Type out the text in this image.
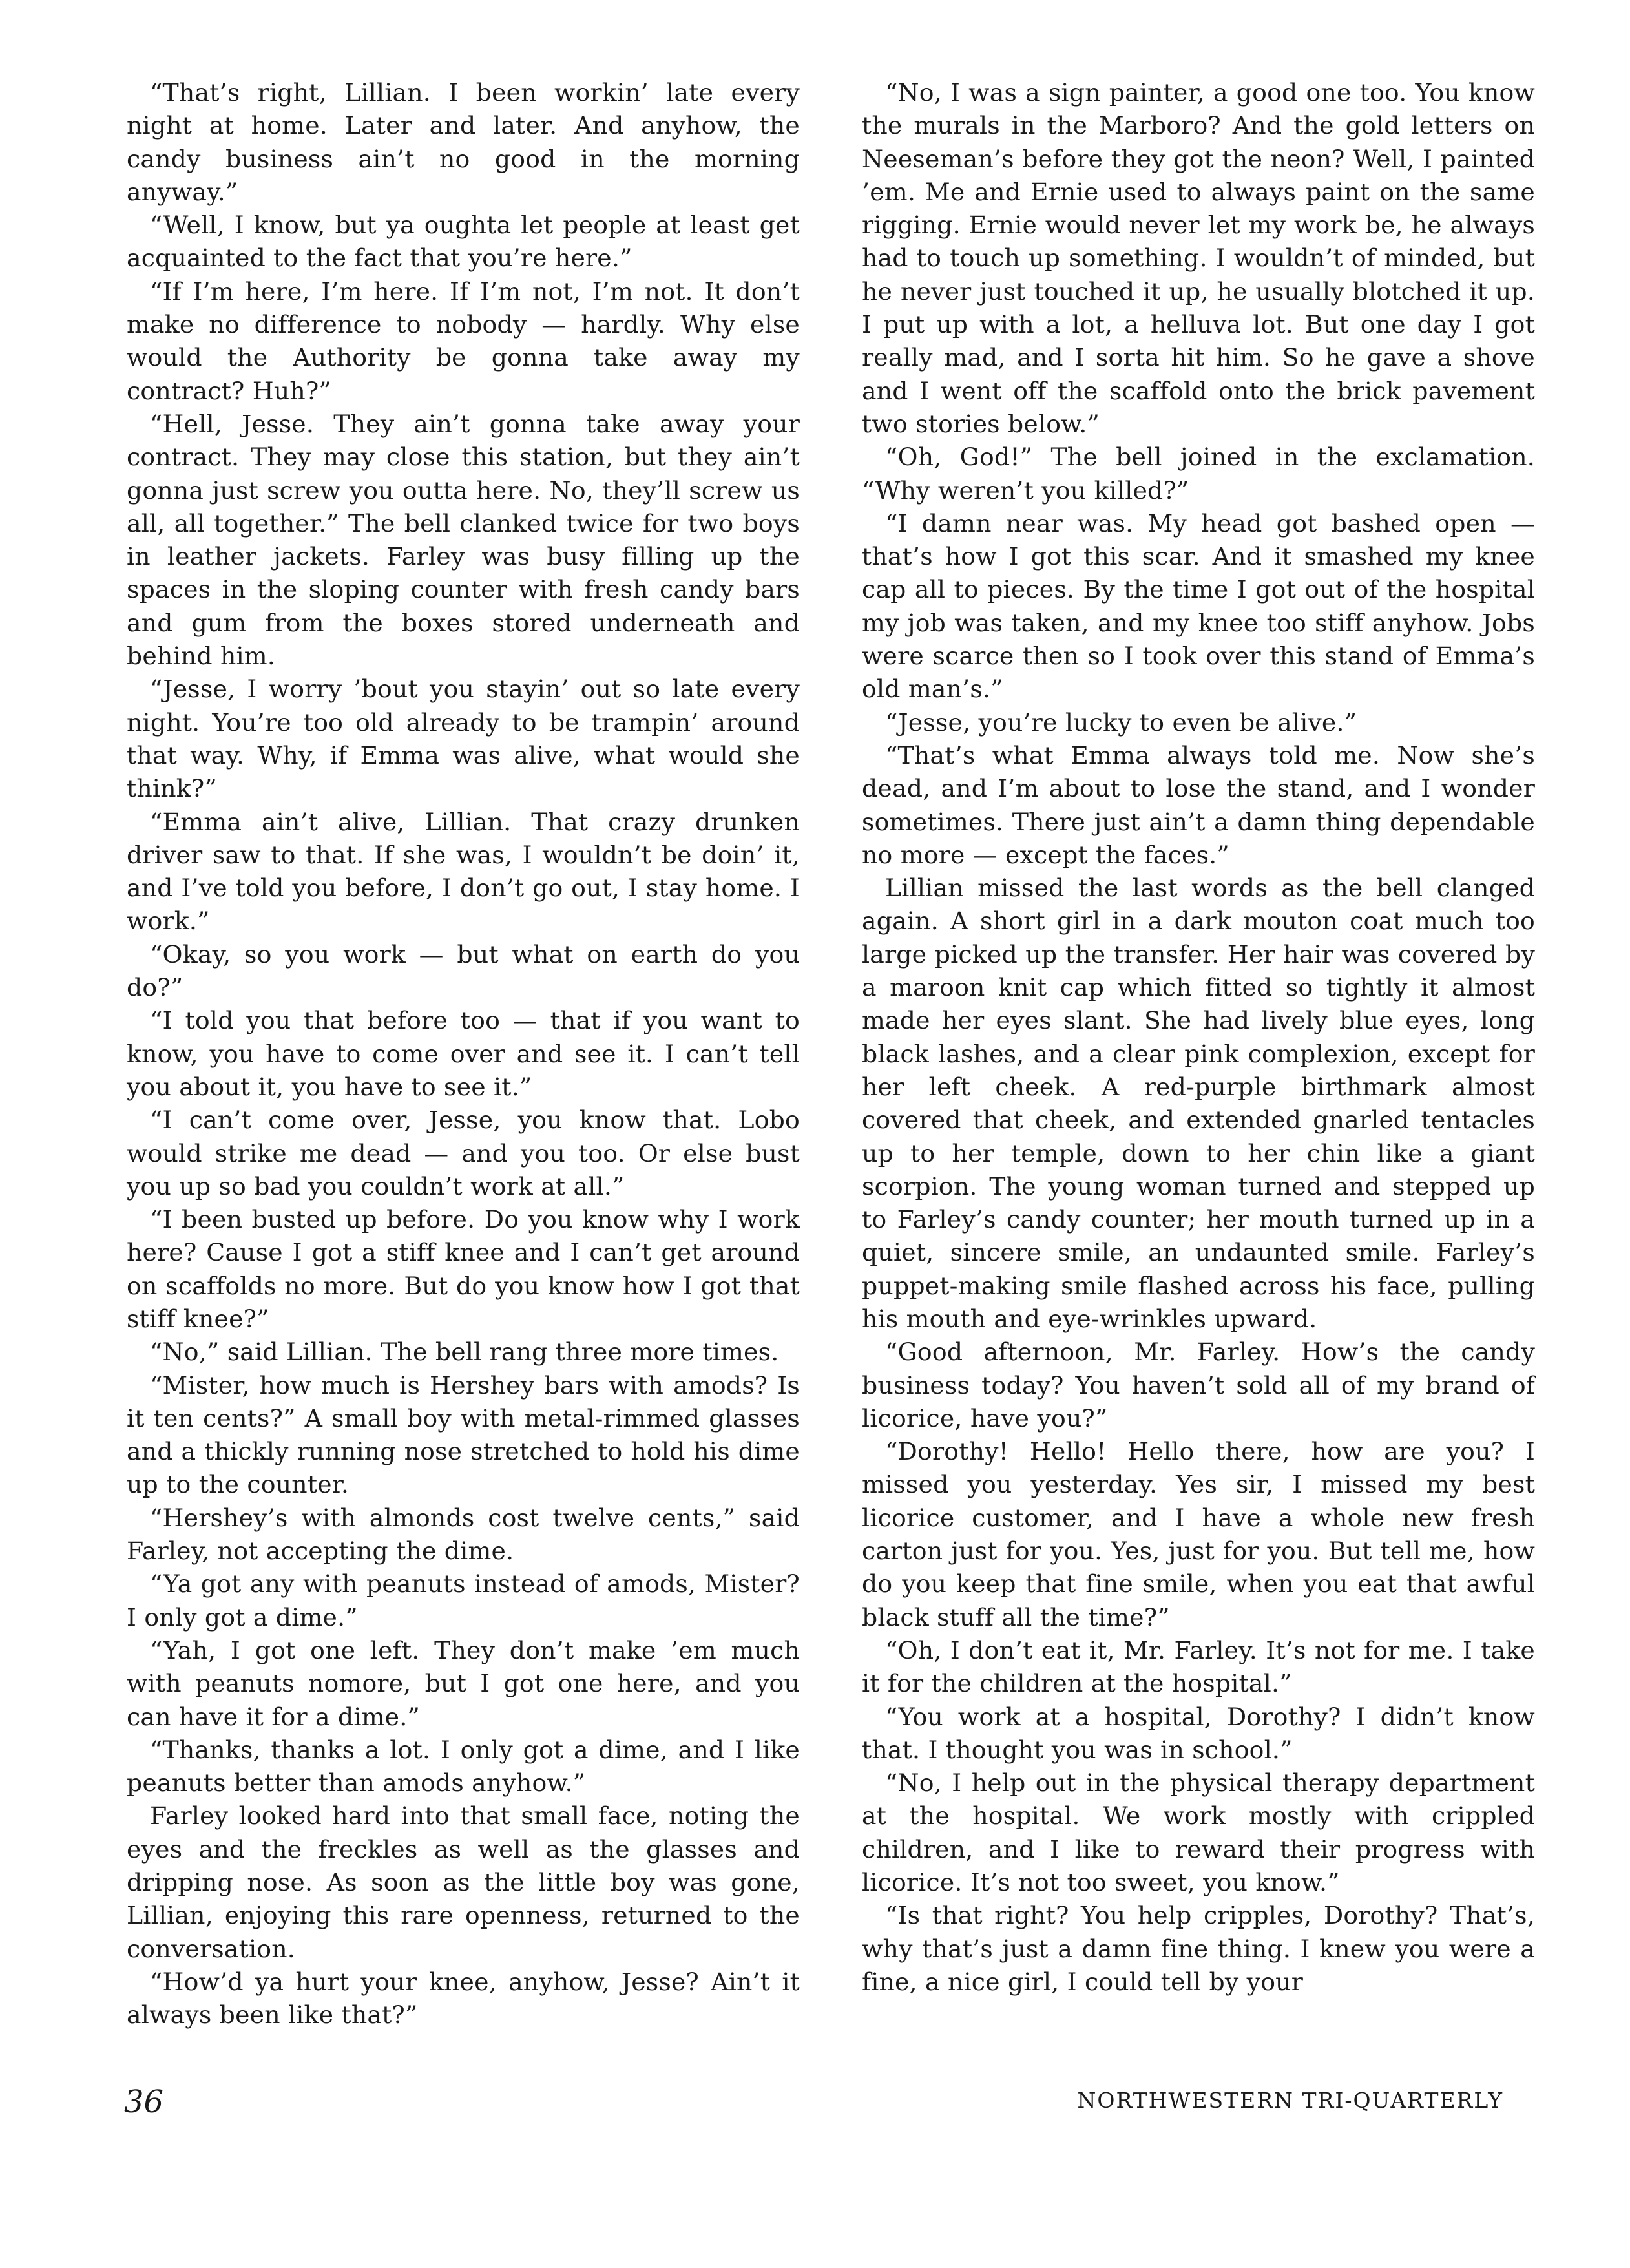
“That’s right, Lillian. I been workin’ late every night at home. Later and later. And anyhow, the candy business ain’t no good in the morning anyway.”

“Well, I know, but ya oughta let people at least get acquainted to the fact that you’re here.”

“If I’m here, I’m here. If I’m not, I’m not. It don’t make no difference to nobody — hardly. Why else would the Authority be gonna take away my contract? Huh?”

“Hell, Jesse. They ain’t gonna take away your contract. They may close this station, but they ain’t gonna just screw you outta here. No, they’ll screw us all, all together.” The bell clanked twice for two boys in leather jackets. Farley was busy filling up the spaces in the sloping counter with fresh candy bars and gum from the boxes stored underneath and behind him.

“Jesse, I worry ’bout you stayin’ out so late every night. You’re too old already to be trampin’ around that way. Why, if Emma was alive, what would she think?”

“Emma ain’t alive, Lillian. That crazy drunken driver saw to that. If she was, I wouldn’t be doin’ it, and I’ve told you before, I don’t go out, I stay home. I work.”

“Okay, so you work — but what on earth do you do?”

“I told you that before too — that if you want to know, you have to come over and see it. I can’t tell you about it, you have to see it.”

“I can’t come over, Jesse, you know that. Lobo would strike me dead — and you too. Or else bust you up so bad you couldn’t work at all.”

“I been busted up before. Do you know why I work here? Cause I got a stiff knee and I can’t get around on scaffolds no more. But do you know how I got that stiff knee?”

“No,” said Lillian. The bell rang three more times.

“Mister, how much is Hershey bars with amods? Is it ten cents?” A small boy with metal-rimmed glasses and a thickly running nose stretched to hold his dime up to the counter.

“Hershey’s with almonds cost twelve cents,” said Farley, not accepting the dime.

“Ya got any with peanuts instead of amods, Mister? I only got a dime.”

“Yah, I got one left. They don’t make ’em much with peanuts nomore, but I got one here, and you can have it for a dime.”

“Thanks, thanks a lot. I only got a dime, and I like peanuts better than amods anyhow.”

Farley looked hard into that small face, noting the eyes and the freckles as well as the glasses and dripping nose. As soon as the little boy was gone, Lillian, enjoying this rare openness, returned to the conversation.

“How’d ya hurt your knee, anyhow, Jesse? Ain’t it always been like that?”

“No, I was a sign painter, a good one too. You know the murals in the Marboro? And the gold letters on Neeseman’s before they got the neon? Well, I painted ’em. Me and Ernie used to always paint on the same rigging. Ernie would never let my work be, he always had to touch up something. I wouldn’t of minded, but he never just touched it up, he usually blotched it up. I put up with a lot, a helluva lot. But one day I got really mad, and I sorta hit him. So he gave a shove and I went off the scaffold onto the brick pavement two stories below.”

“Oh, God!” The bell joined in the exclamation. “Why weren’t you killed?”

“I damn near was. My head got bashed open — that’s how I got this scar. And it smashed my knee cap all to pieces. By the time I got out of the hospital my job was taken, and my knee too stiff anyhow. Jobs were scarce then so I took over this stand of Emma’s old man’s.”

“Jesse, you’re lucky to even be alive.”

“That’s what Emma always told me. Now she’s dead, and I’m about to lose the stand, and I wonder sometimes. There just ain’t a damn thing dependable no more — except the faces.”

Lillian missed the last words as the bell clanged again. A short girl in a dark mouton coat much too large picked up the transfer. Her hair was covered by a maroon knit cap which fitted so tightly it almost made her eyes slant. She had lively blue eyes, long black lashes, and a clear pink complexion, except for her left cheek. A red-purple birthmark almost covered that cheek, and extended gnarled tentacles up to her temple, down to her chin like a giant scorpion. The young woman turned and stepped up to Farley’s candy counter; her mouth turned up in a quiet, sincere smile, an undaunted smile. Farley’s puppet-making smile flashed across his face, pulling his mouth and eye-wrinkles upward.

“Good afternoon, Mr. Farley. How’s the candy business today? You haven’t sold all of my brand of licorice, have you?”

“Dorothy! Hello! Hello there, how are you? I missed you yesterday. Yes sir, I missed my best licorice customer, and I have a whole new fresh carton just for you. Yes, just for you. But tell me, how do you keep that fine smile, when you eat that awful black stuff all the time?”

“Oh, I don’t eat it, Mr. Farley. It’s not for me. I take it for the children at the hospital.”

“You work at a hospital, Dorothy? I didn’t know that. I thought you was in school.”

“No, I help out in the physical therapy department at the hospital. We work mostly with crippled children, and I like to reward their progress with licorice. It’s not too sweet, you know.”

“Is that right? You help cripples, Dorothy? That’s, why that’s just a damn fine thing. I knew you were a fine, a nice girl, I could tell by your

36	NORTHWESTERN TRI-QUARTERLY
